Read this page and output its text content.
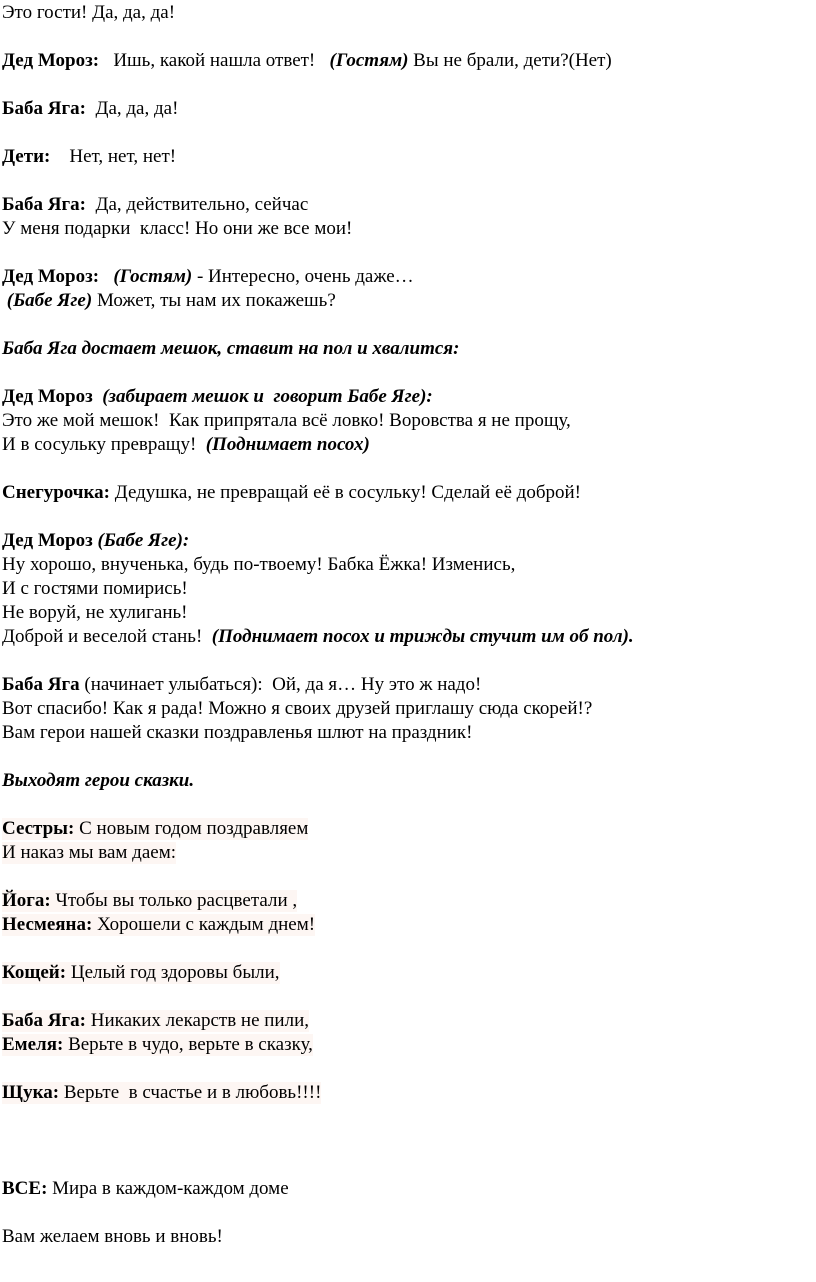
Это гости! Да, да, да!
Дед Мороз:   Ишь, какой нашла ответ!   (Гостям) Вы не брали, дети?(Нет)
Баба Яга:  Да, да, да!
Дети:    Нет, нет, нет!
Баба Яга:  Да, действительно, сейчас
У меня подарки  класс! Но они же все мои!
Дед Мороз: (Гостям) - Интересно, очень даже…
(Бабе Яге) Может, ты нам их покажешь?
Баба Яга достает мешок, ставит на пол и хвалится:
Дед Мороз (забирает мешок и  говорит Бабе Яге):
Это же мой мешок!  Как припрятала всё ловко! Воровства я не прощу,
И в сосульку превращу!  (Поднимает посох)
Снегурочка: Дедушка, не превращай её в сосульку! Сделай её доброй!
Дед Мороз (Бабе Яге):
Ну хорошо, внученька, будь по-твоему! Бабка Ёжка! Изменись,
И с гостями помирись!
Не воруй, не хулигань!
Доброй и веселой стань!  (Поднимает посох и трижды стучит им об пол).
Баба Яга (начинает улыбаться):  Ой, да я… Ну это ж надо!
Вот спасибо! Как я рада! Можно я своих друзей приглашу сюда скорей!?
Вам герои нашей сказки поздравленья шлют на праздник!
Выходят герои сказки.
Сестры: С новым годом поздравляем
И наказ мы вам даем:
Йога: Чтобы вы только расцветали ,
Несмеяна: Хорошели с каждым днем!
Кощей: Целый год здоровы были,
Баба Яга: Никаких лекарств не пили,
Емеля: Верьте в чудо, верьте в сказку,
Щука: Верьте  в счастье и в любовь!!!!
ВСЕ: Мира в каждом-каждом доме
Вам желаем вновь и вновь!
